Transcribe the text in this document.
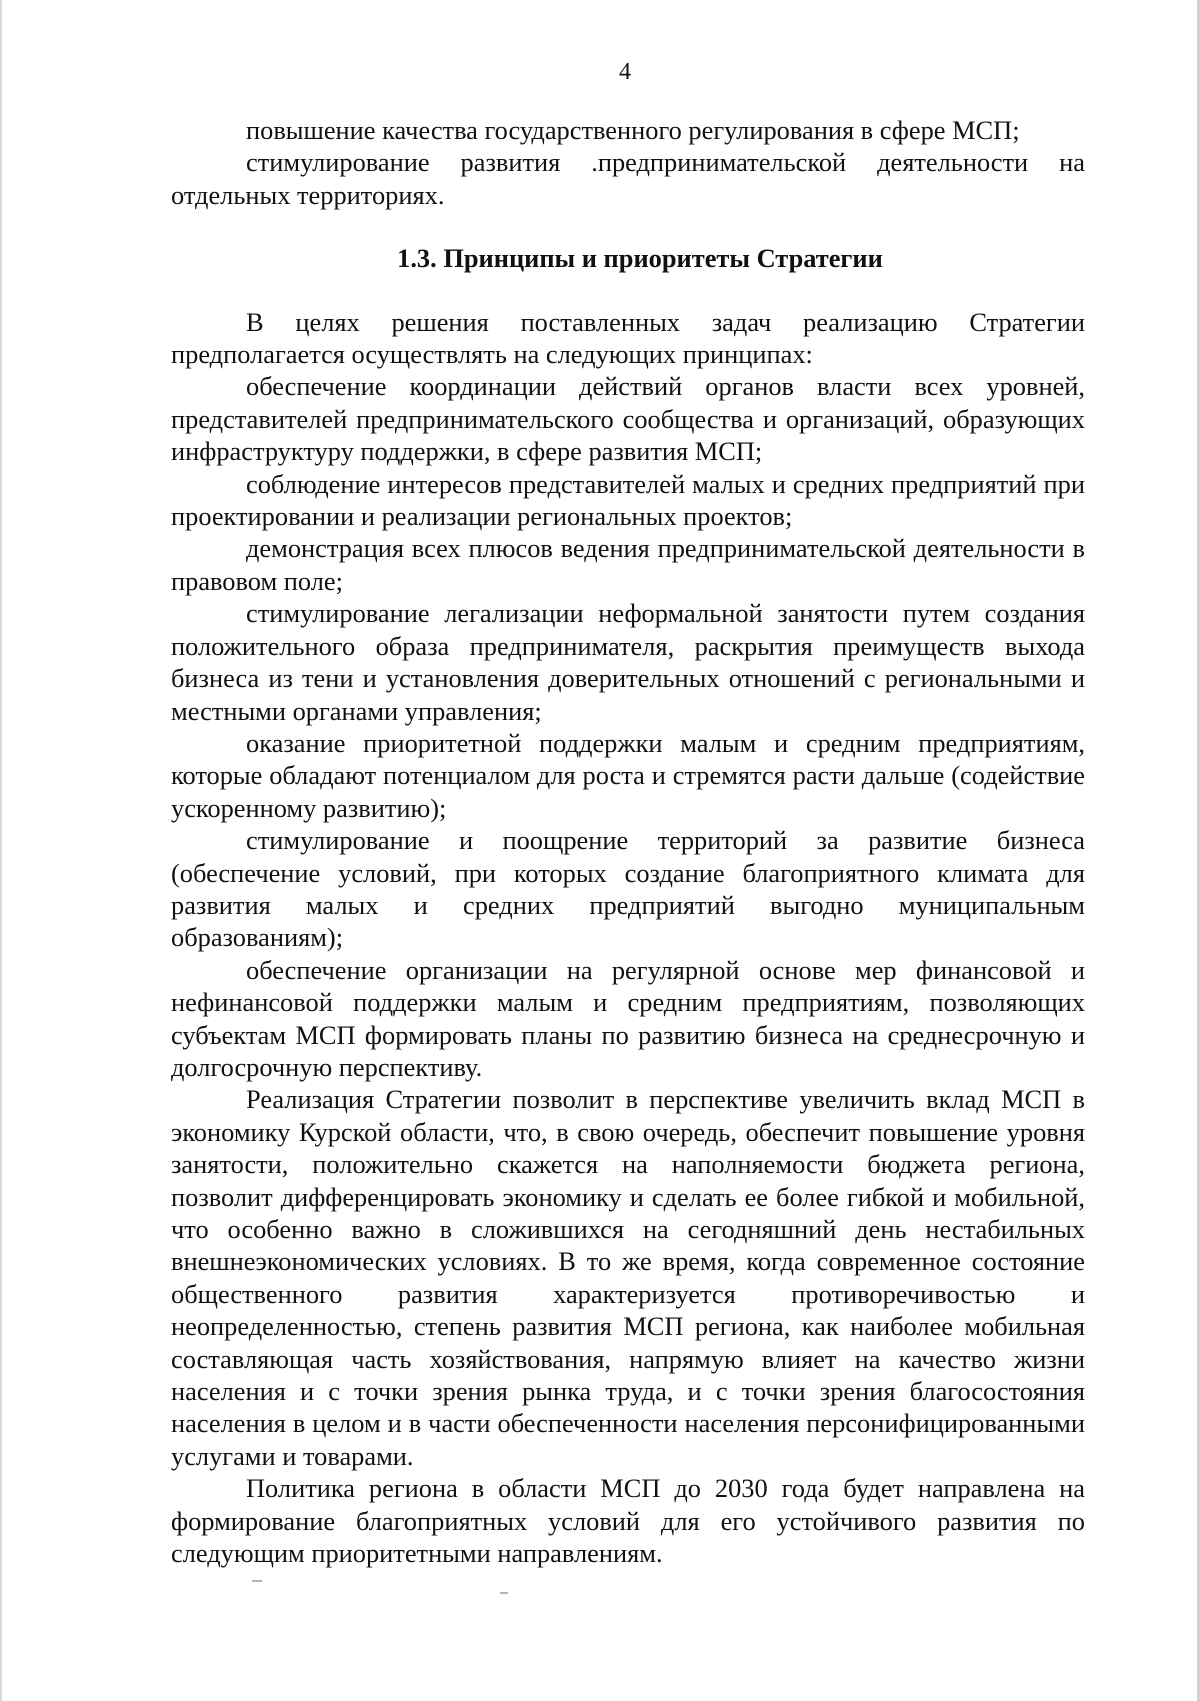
4

повышение качества государственного регулирования в сфере МСП;

стимулирование развития .предпринимательской деятельности на отдельных территориях.

1.3. Принципы и приоритеты Стратегии

В целях решения поставленных задач реализацию Стратегии предполагается осуществлять на следующих принципах:

обеспечение координации действий органов власти всех уровней, представителей предпринимательского сообщества и организаций, образующих инфраструктуру поддержки, в сфере развития МСП;

соблюдение интересов представителей малых и средних предприятий при проектировании и реализации региональных проектов;

демонстрация всех плюсов ведения предпринимательской деятельности в правовом поле;

стимулирование легализации неформальной занятости путем создания положительного образа предпринимателя, раскрытия преимуществ выхода бизнеса из тени и установления доверительных отношений с региональными и местными органами управления;

оказание приоритетной поддержки малым и средним предприятиям, которые обладают потенциалом для роста и стремятся расти дальше (содействие ускоренному развитию);

стимулирование и поощрение территорий за развитие бизнеса (обеспечение условий, при которых создание благоприятного климата для развития малых и средних предприятий выгодно муниципальным образованиям);

обеспечение организации на регулярной основе мер финансовой и нефинансовой поддержки малым и средним предприятиям, позволяющих субъектам МСП формировать планы по развитию бизнеса на среднесрочную и долгосрочную перспективу.

Реализация Стратегии позволит в перспективе увеличить вклад МСП в экономику Курской области, что, в свою очередь, обеспечит повышение уровня занятости, положительно скажется на наполняемости бюджета региона, позволит дифференцировать экономику и сделать ее более гибкой и мобильной, что особенно важно в сложившихся на сегодняшний день нестабильных внешнеэкономических условиях. В то же время, когда современное состояние общественного развития характеризуется противоречивостью и неопределенностью, степень развития МСП региона, как наиболее мобильная составляющая часть хозяйствования, напрямую влияет на качество жизни населения и с точки зрения рынка труда, и с точки зрения благосостояния населения в целом и в части обеспеченности населения персонифицированными услугами и товарами.

Политика региона в области МСП до 2030 года будет направлена на формирование благоприятных условий для его устойчивого развития по следующим приоритетными направлениям.
